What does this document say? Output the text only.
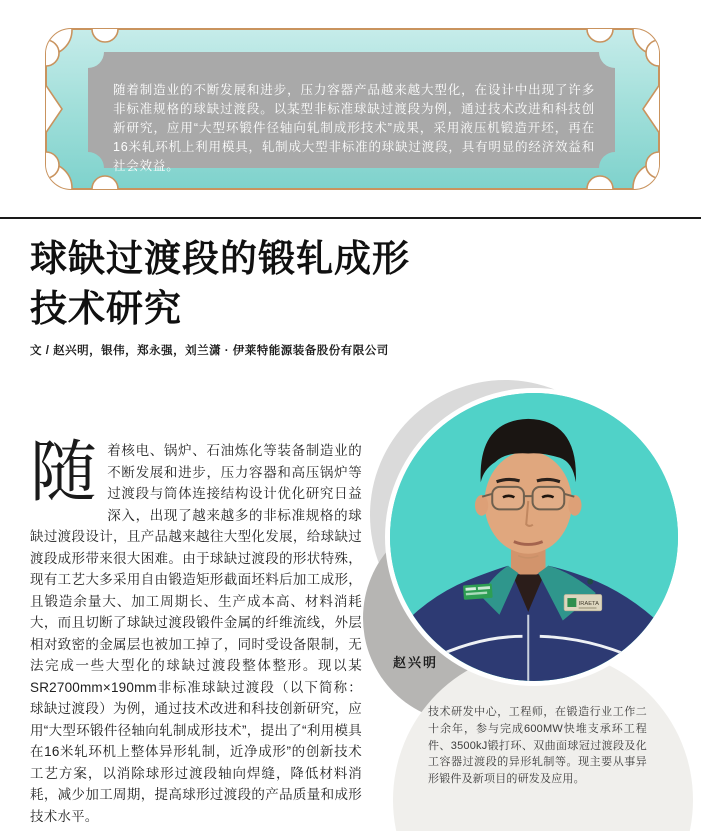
随着制造业的不断发展和进步，压力容器产品越来越大型化，在设计中出现了许多非标准规格的球缺过渡段。以某型非标准球缺过渡段为例，通过技术改进和科技创新研究，应用“大型环锻件径轴向轧制成形技术”成果，采用液压机锻造开坯，再在16米轧环机上利用模具，轧制成大型非标准的球缺过渡段，具有明显的经济效益和社会效益。
球缺过渡段的锻轧成形
技术研究
文 / 赵兴明，银伟，郑永强，刘兰潇 · 伊莱特能源装备股份有限公司
随着核电、锅炉、石油炼化等装备制造业的不断发展和进步，压力容器和高压锅炉等过渡段与筒体连接结构设计优化研究日益深入，出现了越来越多的非标准规格的球缺过渡段设计，且产品越来越往大型化发展，给球缺过渡段成形带来很大困难。由于球缺过渡段的形状特殊，现有工艺大多采用自由锻造矩形截面坯料后加工成形，且锻造余量大、加工周期长、生产成本高、材料消耗大，而且切断了球缺过渡段锻件金属的纤维流线，外层相对致密的金属层也被加工掉了，同时受设备限制，无法完成一些大型化的球缺过渡段整体整形。现以某SR2700mm×190mm非标准球缺过渡段（以下简称：球缺过渡段）为例，通过技术改进和科技创新研究，应用“大型环锻件径轴向轧制成形技术”，提出了“利用模具在16米轧环机上整体异形轧制，近净成形”的创新技术工艺方案，以消除球形过渡段轴向焊缝，降低材料消耗，减少加工周期，提高球形过渡段的产品质量和成形技术水平。
IRAETA
赵兴明
技术研发中心，工程师，在锻造行业工作二十余年，参与完成600MW快堆支承环工程件、3500kJ锻打环、双曲面球冠过渡段及化工容器过渡段的异形轧制等。现主要从事异形锻件及新项目的研发及应用。
